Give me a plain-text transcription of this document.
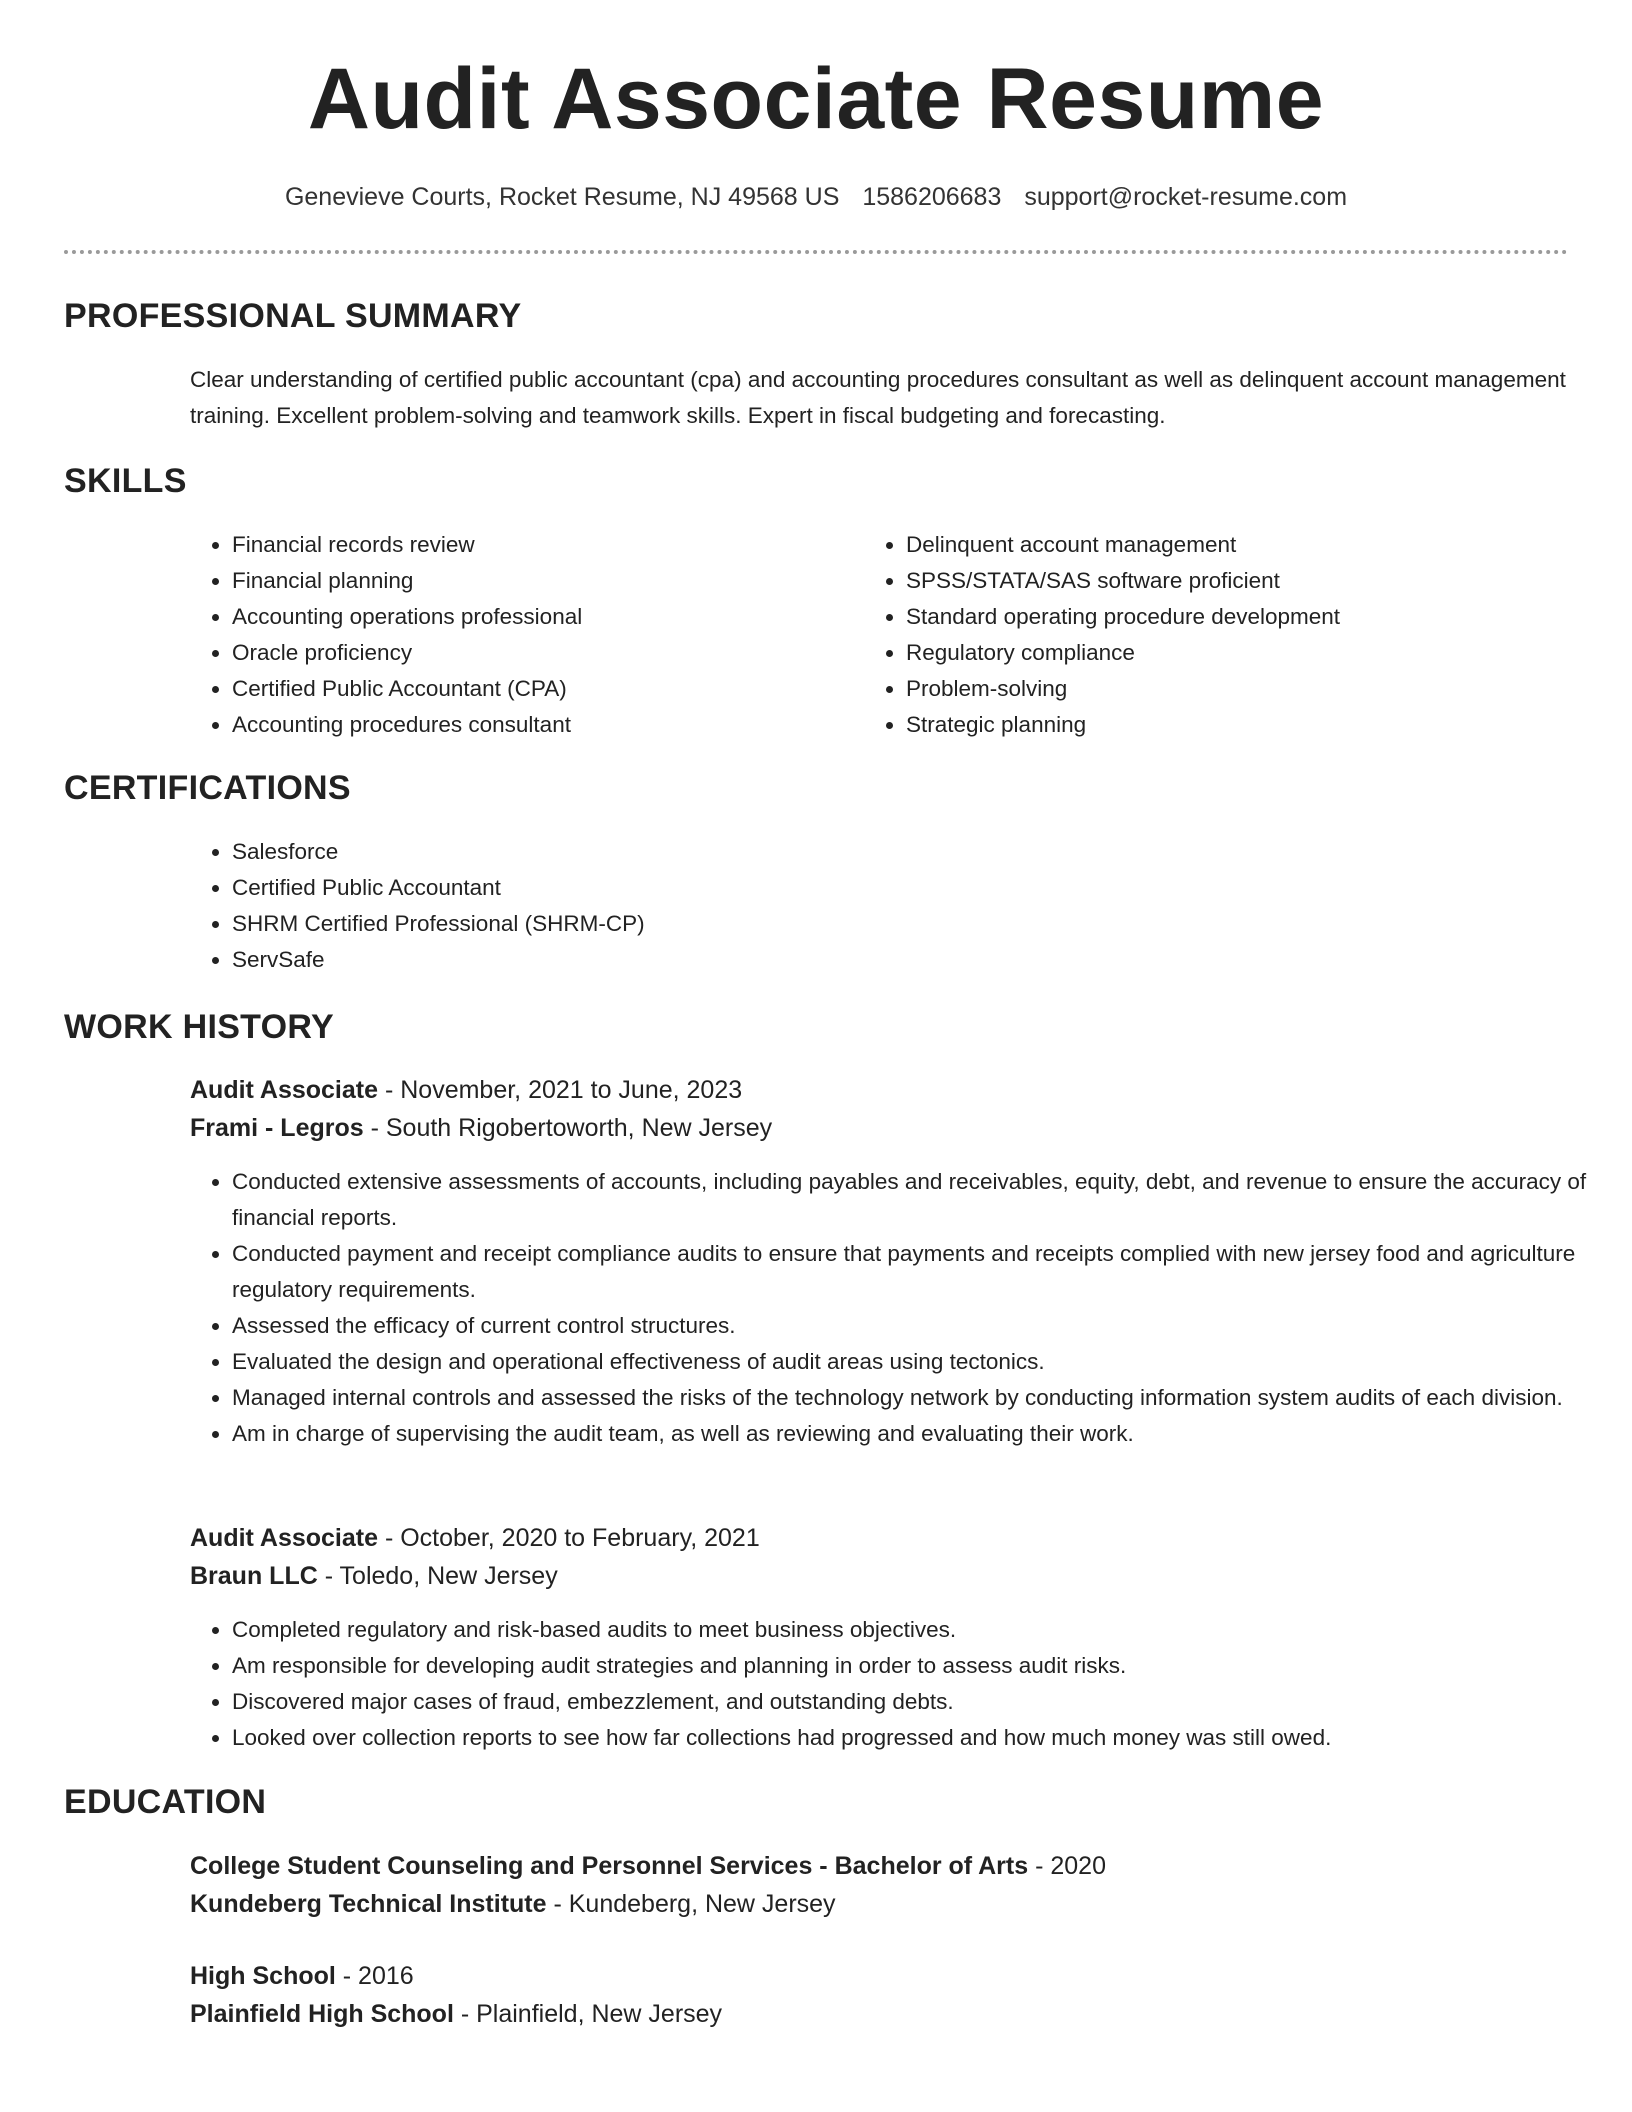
Audit Associate Resume
Genevieve Courts, Rocket Resume, NJ 49568 US 1586206683 support@rocket-resume.com
PROFESSIONAL SUMMARY

Clear understanding of certified public accountant (cpa) and accounting procedures consultant as well as delinquent account management training. Excellent problem-solving and teamwork skills. Expert in fiscal budgeting and forecasting.

SKILLS
• Financial records review
• Financial planning
• Accounting operations professional
• Oracle proficiency
• Certified Public Accountant (CPA)
• Accounting procedures consultant
• Delinquent account management
• SPSS/STATA/SAS software proficient
• Standard operating procedure development
• Regulatory compliance
• Problem-solving
• Strategic planning
CERTIFICATIONS
• Salesforce
• Certified Public Accountant
• SHRM Certified Professional (SHRM-CP)
• ServSafe
WORK HISTORY
Audit Associate - November, 2021 to June, 2023
Frami - Legros - South Rigobertoworth, New Jersey
• Conducted extensive assessments of accounts, including payables and receivables, equity, debt, and revenue to ensure the accuracy of financial reports.
• Conducted payment and receipt compliance audits to ensure that payments and receipts complied with new jersey food and agriculture regulatory requirements.
• Assessed the efficacy of current control structures.
• Evaluated the design and operational effectiveness of audit areas using tectonics.
• Managed internal controls and assessed the risks of the technology network by conducting information system audits of each division.
• Am in charge of supervising the audit team, as well as reviewing and evaluating their work.
Audit Associate - October, 2020 to February, 2021
Braun LLC - Toledo, New Jersey
• Completed regulatory and risk-based audits to meet business objectives.
• Am responsible for developing audit strategies and planning in order to assess audit risks.
• Discovered major cases of fraud, embezzlement, and outstanding debts.
• Looked over collection reports to see how far collections had progressed and how much money was still owed.
EDUCATION
College Student Counseling and Personnel Services - Bachelor of Arts - 2020
Kundeberg Technical Institute - Kundeberg, New Jersey
High School - 2016
Plainfield High School - Plainfield, New Jersey
